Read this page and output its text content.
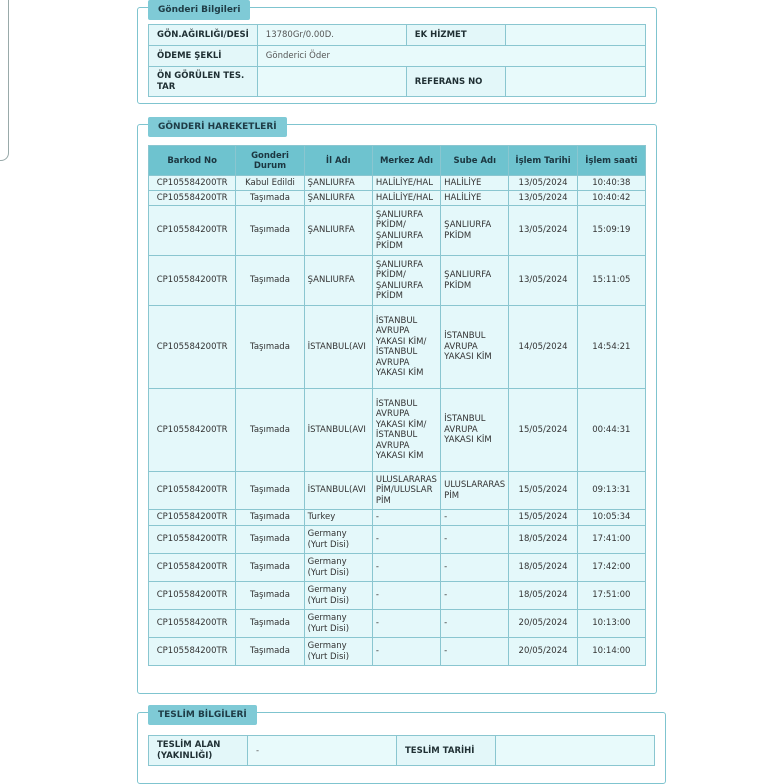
Gönderi Bilgileri
GÖN.AĞIRLIĞI/DESİ	13780Gr/0.00D.	EK HİZMET	
ÖDEME ŞEKLİ	Gönderici Öder		
ÖN GÖRÜLEN TES. TAR		REFERANS NO	
GÖNDERİ HAREKETLERİ
Barkod No	Gonderi Durum	İl Adı	Merkez Adı	Sube Adı	İşlem Tarihi	İşlem saati
CP105584200TR	Kabul Edildi	ŞANLIURFA	HALİLİYE/HAL	HALİLİYE	13/05/2024	10:40:38
CP105584200TR	Taşımada	ŞANLIURFA	HALİLİYE/HAL	HALİLİYE	13/05/2024	10:40:42
CP105584200TR	Taşımada	ŞANLIURFA	ŞANLIURFA PKİDM/ ŞANLIURFA PKİDM	ŞANLIURFA PKİDM	13/05/2024	15:09:19
CP105584200TR	Taşımada	ŞANLIURFA	ŞANLIURFA PKİDM/ ŞANLIURFA PKİDM	ŞANLIURFA PKİDM	13/05/2024	15:11:05
CP105584200TR	Taşımada	İSTANBUL(AVI	İSTANBUL AVRUPA YAKASI KİM/ İSTANBUL AVRUPA YAKASI KİM	İSTANBUL AVRUPA YAKASI KİM	14/05/2024	14:54:21
CP105584200TR	Taşımada	İSTANBUL(AVI	İSTANBUL AVRUPA YAKASI KİM/ İSTANBUL AVRUPA YAKASI KİM	İSTANBUL AVRUPA YAKASI KİM	15/05/2024	00:44:31
CP105584200TR	Taşımada	İSTANBUL(AVI	ULUSLARARAS PİM/ULUSLAR PİM	ULUSLARARAS PİM	15/05/2024	09:13:31
CP105584200TR	Taşımada	Turkey	-	-	15/05/2024	10:05:34
CP105584200TR	Taşımada	Germany (Yurt Disi)	-	-	18/05/2024	17:41:00
CP105584200TR	Taşımada	Germany (Yurt Disi)	-	-	18/05/2024	17:42:00
CP105584200TR	Taşımada	Germany (Yurt Disi)	-	-	18/05/2024	17:51:00
CP105584200TR	Taşımada	Germany (Yurt Disi)	-	-	20/05/2024	10:13:00
CP105584200TR	Taşımada	Germany (Yurt Disi)	-	-	20/05/2024	10:14:00
TESLİM BİLGİLERİ
TESLİM ALAN (YAKINLIĞI)	-	TESLİM TARİHİ	
